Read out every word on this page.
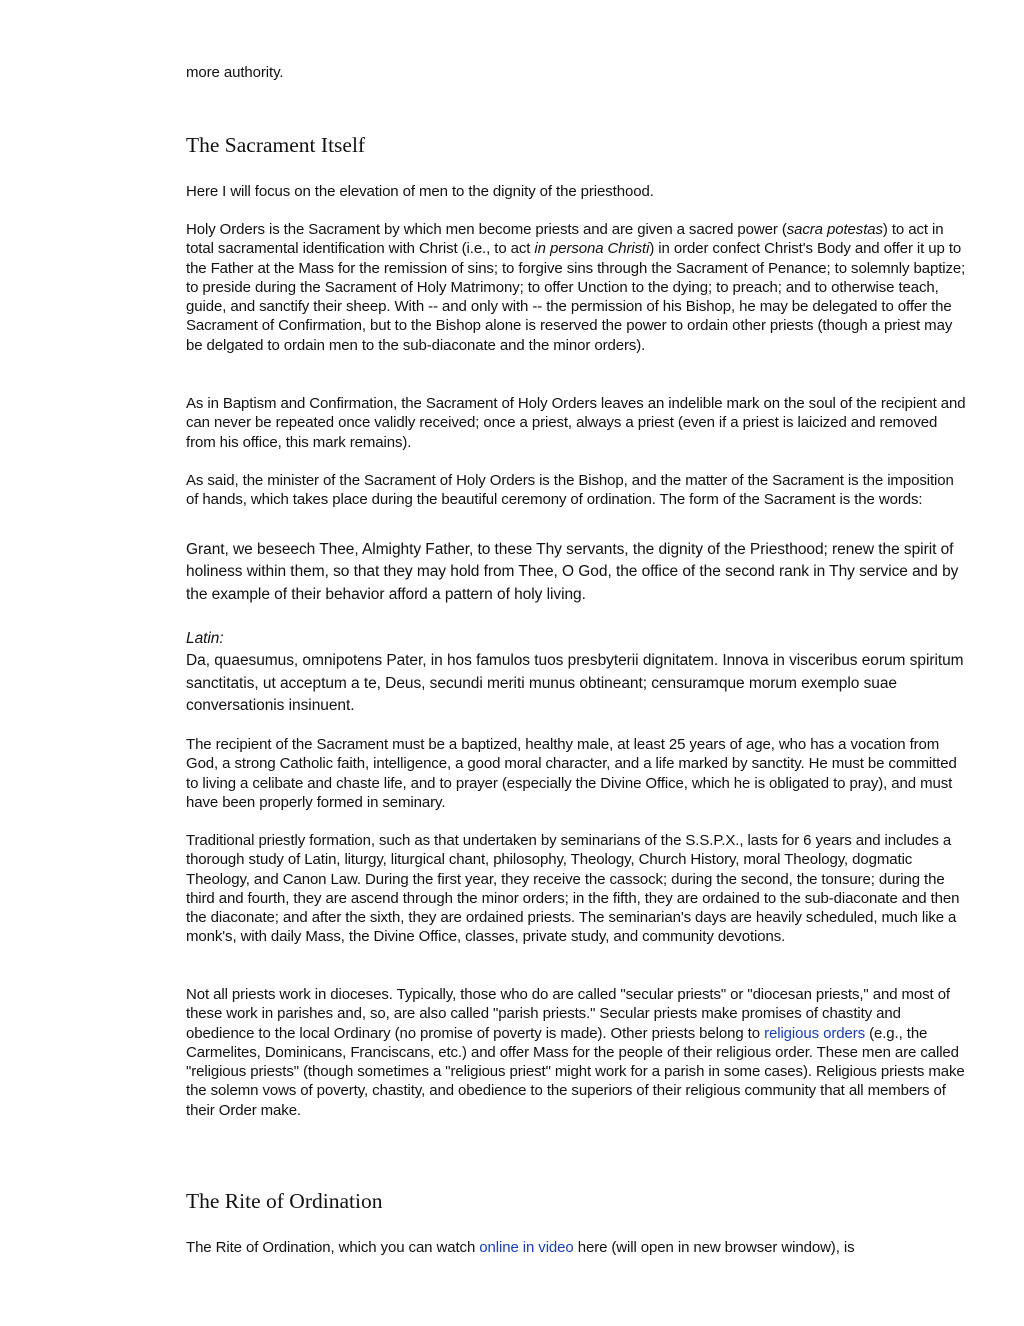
more authority.

The Sacrament Itself

Here I will focus on the elevation of men to the dignity of the priesthood.

Holy Orders is the Sacrament by which men become priests and are given a sacred power (sacra potestas) to act in total sacramental identification with Christ (i.e., to act in persona Christi) in order confect Christ's Body and offer it up to the Father at the Mass for the remission of sins; to forgive sins through the Sacrament of Penance; to solemnly baptize; to preside during the Sacrament of Holy Matrimony; to offer Unction to the dying; to preach; and to otherwise teach, guide, and sanctify their sheep. With -- and only with -- the permission of his Bishop, he may be delegated to offer the Sacrament of Confirmation, but to the Bishop alone is reserved the power to ordain other priests (though a priest may be delgated to ordain men to the sub-diaconate and the minor orders).

As in Baptism and Confirmation, the Sacrament of Holy Orders leaves an indelible mark on the soul of the recipient and can never be repeated once validly received; once a priest, always a priest (even if a priest is laicized and removed from his office, this mark remains).

As said, the minister of the Sacrament of Holy Orders is the Bishop, and the matter of the Sacrament is the imposition of hands, which takes place during the beautiful ceremony of ordination. The form of the Sacrament is the words:

Grant, we beseech Thee, Almighty Father, to these Thy servants, the dignity of the Priesthood; renew the spirit of holiness within them, so that they may hold from Thee, O God, the office of the second rank in Thy service and by the example of their behavior afford a pattern of holy living.

Latin:
Da, quaesumus, omnipotens Pater, in hos famulos tuos presbyterii dignitatem. Innova in visceribus eorum spiritum sanctitatis, ut acceptum a te, Deus, secundi meriti munus obtineant; censuramque morum exemplo suae conversationis insinuent.

The recipient of the Sacrament must be a baptized, healthy male, at least 25 years of age, who has a vocation from God, a strong Catholic faith, intelligence, a good moral character, and a life marked by sanctity. He must be committed to living a celibate and chaste life, and to prayer (especially the Divine Office, which he is obligated to pray), and must have been properly formed in seminary.

Traditional priestly formation, such as that undertaken by seminarians of the S.S.P.X., lasts for 6 years and includes a thorough study of Latin, liturgy, liturgical chant, philosophy, Theology, Church History, moral Theology, dogmatic Theology, and Canon Law. During the first year, they receive the cassock; during the second, the tonsure; during the third and fourth, they are ascend through the minor orders; in the fifth, they are ordained to the sub-diaconate and then the diaconate; and after the sixth, they are ordained priests. The seminarian's days are heavily scheduled, much like a monk's, with daily Mass, the Divine Office, classes, private study, and community devotions.

Not all priests work in dioceses. Typically, those who do are called "secular priests" or "diocesan priests," and most of these work in parishes and, so, are also called "parish priests." Secular priests make promises of chastity and obedience to the local Ordinary (no promise of poverty is made). Other priests belong to religious orders (e.g., the Carmelites, Dominicans, Franciscans, etc.) and offer Mass for the people of their religious order. These men are called "religious priests" (though sometimes a "religious priest" might work for a parish in some cases). Religious priests make the solemn vows of poverty, chastity, and obedience to the superiors of their religious community that all members of their Order make.

The Rite of Ordination

The Rite of Ordination, which you can watch online in video here (will open in new browser window), is
